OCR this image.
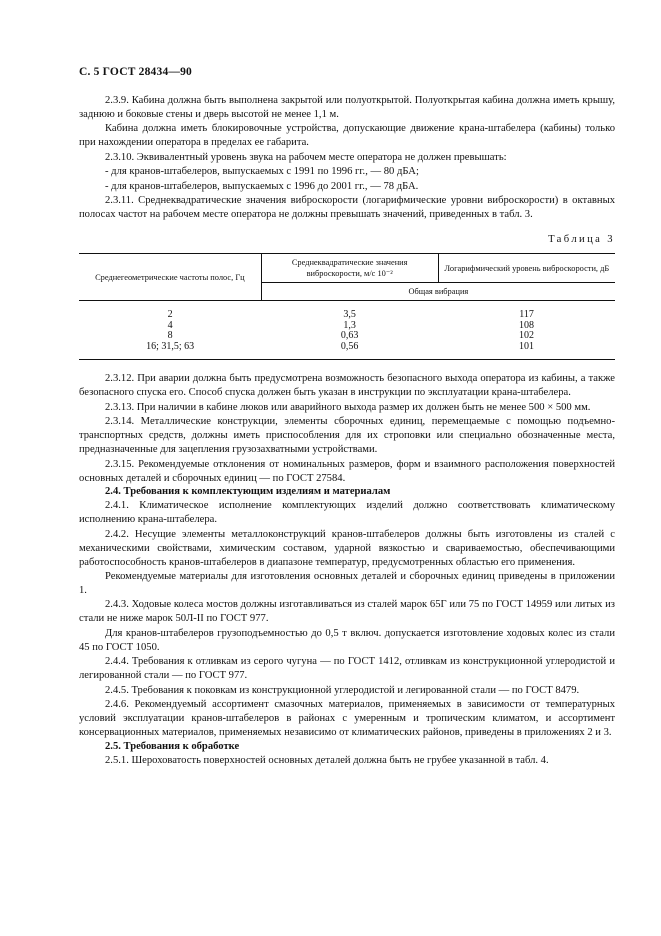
С. 5 ГОСТ 28434—90

2.3.9. Кабина должна быть выполнена закрытой или полуоткрытой. Полуоткрытая кабина должна иметь крышу, заднюю и боковые стены и дверь высотой не менее 1,1 м.

Кабина должна иметь блокировочные устройства, допускающие движение крана-штабелера (кабины) только при нахождении оператора в пределах ее габарита.

2.3.10. Эквивалентный уровень звука на рабочем месте оператора не должен превышать:

- для кранов-штабелеров, выпускаемых с 1991 по 1996 гг., — 80 дБА;

- для кранов-штабелеров, выпускаемых с 1996 до 2001 гг., — 78 дБА.

2.3.11. Среднеквадратические значения виброскорости (логарифмические уровни виброскорости) в октавных полосах частот на рабочем месте оператора не должны превышать значений, приведенных в табл. 3.

Таблица 3
Среднегеометрические частоты полос, Гц	Среднеквадратические значения виброскорости, м/с 10⁻²	Логарифмический уровень виброскорости, дБ
	Общая вибрация	
2	3,5	117
4	1,3	108
8	0,63	102
16; 31,5; 63	0,56	101

2.3.12. При аварии должна быть предусмотрена возможность безопасного выхода оператора из кабины, а также безопасного спуска его. Способ спуска должен быть указан в инструкции по эксплуатации крана-штабелера.

2.3.13. При наличии в кабине люков или аварийного выхода размер их должен быть не менее 500 × 500 мм.

2.3.14. Металлические конструкции, элементы сборочных единиц, перемещаемые с помощью подъемно-транспортных средств, должны иметь приспособления для их строповки или специально обозначенные места, предназначенные для зацепления грузозахватными устройствами.

2.3.15. Рекомендуемые отклонения от номинальных размеров, форм и взаимного расположения поверхностей основных деталей и сборочных единиц — по ГОСТ 27584.

2.4. Требования к комплектующим изделиям и материалам

2.4.1. Климатическое исполнение комплектующих изделий должно соответствовать климатическому исполнению крана-штабелера.

2.4.2. Несущие элементы металлоконструкций кранов-штабелеров должны быть изготовлены из сталей с механическими свойствами, химическим составом, ударной вязкостью и свариваемостью, обеспечивающими работоспособность кранов-штабелеров в диапазоне температур, предусмотренных областью его применения.

Рекомендуемые материалы для изготовления основных деталей и сборочных единиц приведены в приложении 1.

2.4.3. Ходовые колеса мостов должны изготавливаться из сталей марок 65Г или 75 по ГОСТ 14959 или литых из стали не ниже марок 50Л-II по ГОСТ 977.

Для кранов-штабелеров грузоподъемностью до 0,5 т включ. допускается изготовление ходовых колес из стали 45 по ГОСТ 1050.

2.4.4. Требования к отливкам из серого чугуна — по ГОСТ 1412, отливкам из конструкционной углеродистой и легированной стали — по ГОСТ 977.

2.4.5. Требования к поковкам из конструкционной углеродистой и легированной стали — по ГОСТ 8479.

2.4.6. Рекомендуемый ассортимент смазочных материалов, применяемых в зависимости от температурных условий эксплуатации кранов-штабелеров в районах с умеренным и тропическим климатом, и ассортимент консервационных материалов, применяемых независимо от климатических районов, приведены в приложениях 2 и 3.

2.5. Требования к обработке

2.5.1. Шероховатость поверхностей основных деталей должна быть не грубее указанной в табл. 4.
